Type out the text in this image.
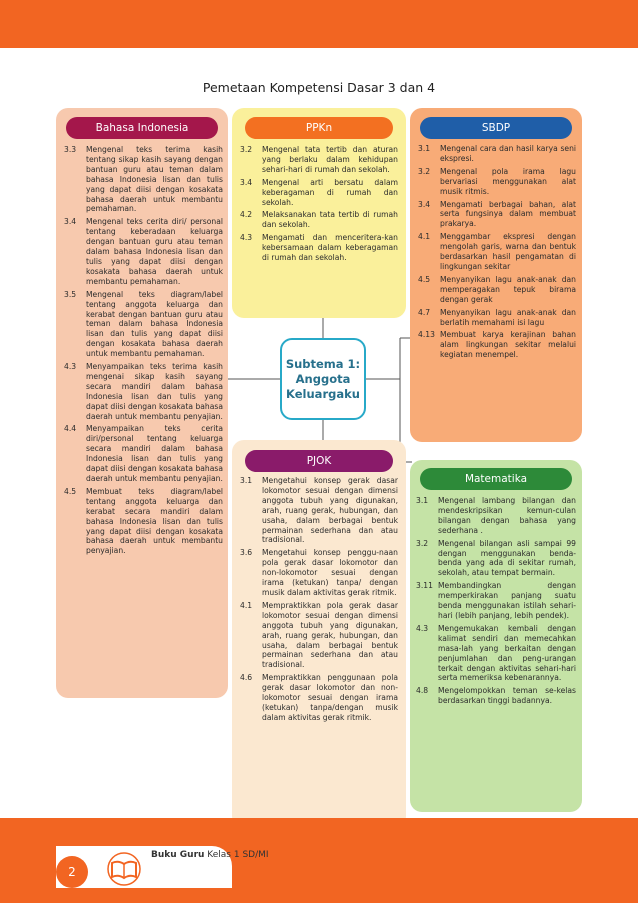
Pemetaan Kompetensi Dasar 3 dan 4
Bahasa Indonesia
3.3	Mengenal teks terima kasih tentang sikap kasih sayang dengan bantuan guru atau teman dalam bahasa Indonesia lisan dan tulis yang dapat diisi dengan kosakata bahasa daerah untuk membantu pemahaman.
3.4	Mengenal teks cerita diri/ personal tentang keberadaan keluarga dengan bantuan guru atau teman dalam bahasa Indonesia lisan dan tulis yang dapat diisi dengan kosakata bahasa daerah untuk membantu pemahaman.
3.5	Mengenal teks diagram/label tentang anggota keluarga dan kerabat dengan bantuan guru atau teman dalam bahasa Indonesia lisan dan tulis yang dapat diisi dengan kosakata bahasa daerah untuk membantu pemahaman.
4.3	Menyampaikan teks terima kasih mengenai sikap kasih sayang secara mandiri dalam bahasa Indonesia lisan dan tulis yang dapat diisi dengan kosakata bahasa daerah untuk membantu penyajian.
4.4	Menyampaikan teks cerita diri/personal tentang keluarga secara mandiri dalam bahasa Indonesia lisan dan tulis yang dapat diisi dengan kosakata bahasa daerah untuk membantu penyajian.
4.5	Membuat teks diagram/label tentang anggota keluarga dan kerabat secara mandiri dalam bahasa Indonesia lisan dan tulis yang dapat diisi dengan kosakata bahasa daerah untuk membantu penyajian.
PPKn
3.2	Mengenal tata tertib dan aturan yang berlaku dalam kehidupan sehari-hari di rumah dan sekolah.
3.4	Mengenal arti bersatu dalam keberagaman di rumah dan sekolah.
4.2	Melaksanakan tata tertib di rumah dan sekolah.
4.3	Mengamati dan menceritera-kan kebersamaan dalam keberagaman di rumah dan sekolah.
SBDP
3.1	Mengenal cara dan hasil karya seni ekspresi.
3.2	Mengenal pola irama lagu bervariasi menggunakan alat musik ritmis.
3.4	Mengamati berbagai bahan, alat serta fungsinya dalam membuat prakarya.
4.1	Menggambar ekspresi dengan mengolah garis, warna dan bentuk berdasarkan hasil pengamatan di lingkungan sekitar
4.5	Menyanyikan lagu anak-anak dan memperagakan tepuk birama dengan gerak
4.7	Menyanyikan lagu anak-anak dan berlatih memahami isi lagu
4.13 Membuat karya kerajinan bahan alam lingkungan sekitar melalui kegiatan menempel.
Subtema 1:
Anggota
Keluargaku
PJOK
3.1	Mengetahui konsep gerak dasar lokomotor sesuai dengan dimensi anggota tubuh yang digunakan, arah, ruang gerak, hubungan, dan usaha, dalam berbagai bentuk permainan sederhana dan atau tradisional.
3.6	Mengetahui konsep penggu-naan pola gerak dasar lokomotor dan non-lokomotor sesuai dengan irama (ketukan) tanpa/ dengan musik dalam aktivitas gerak ritmik.
4.1	Mempraktikkan pola gerak dasar lokomotor sesuai dengan dimensi anggota tubuh yang digunakan, arah, ruang gerak, hubungan, dan usaha, dalam berbagai bentuk permainan sederhana dan atau tradisional.
4.6	Mempraktikkan penggunaan pola gerak dasar lokomotor dan non-lokomotor sesuai dengan irama (ketukan) tanpa/dengan musik dalam aktivitas gerak ritmik.
Matematika
3.1	Mengenal lambang bilangan dan mendeskripsikan kemun-culan bilangan dengan bahasa yang sederhana .
3.2	Mengenal bilangan asli sampai 99 dengan menggunakan benda-benda yang ada di sekitar rumah, sekolah, atau tempat bermain.
3.11 Membandingkan dengan memperkirakan panjang suatu benda menggunakan istilah sehari-hari (lebih panjang, lebih pendek).
4.3	Mengemukakan kembali dengan kalimat sendiri dan memecahkan masa-lah yang berkaitan dengan penjumlahan dan peng-urangan terkait dengan aktivitas sehari-hari serta memeriksa kebenarannya.
4.8	Mengelompokkan teman se-kelas berdasarkan tinggi badannya.
2
Buku Guru Kelas 1 SD/MI
